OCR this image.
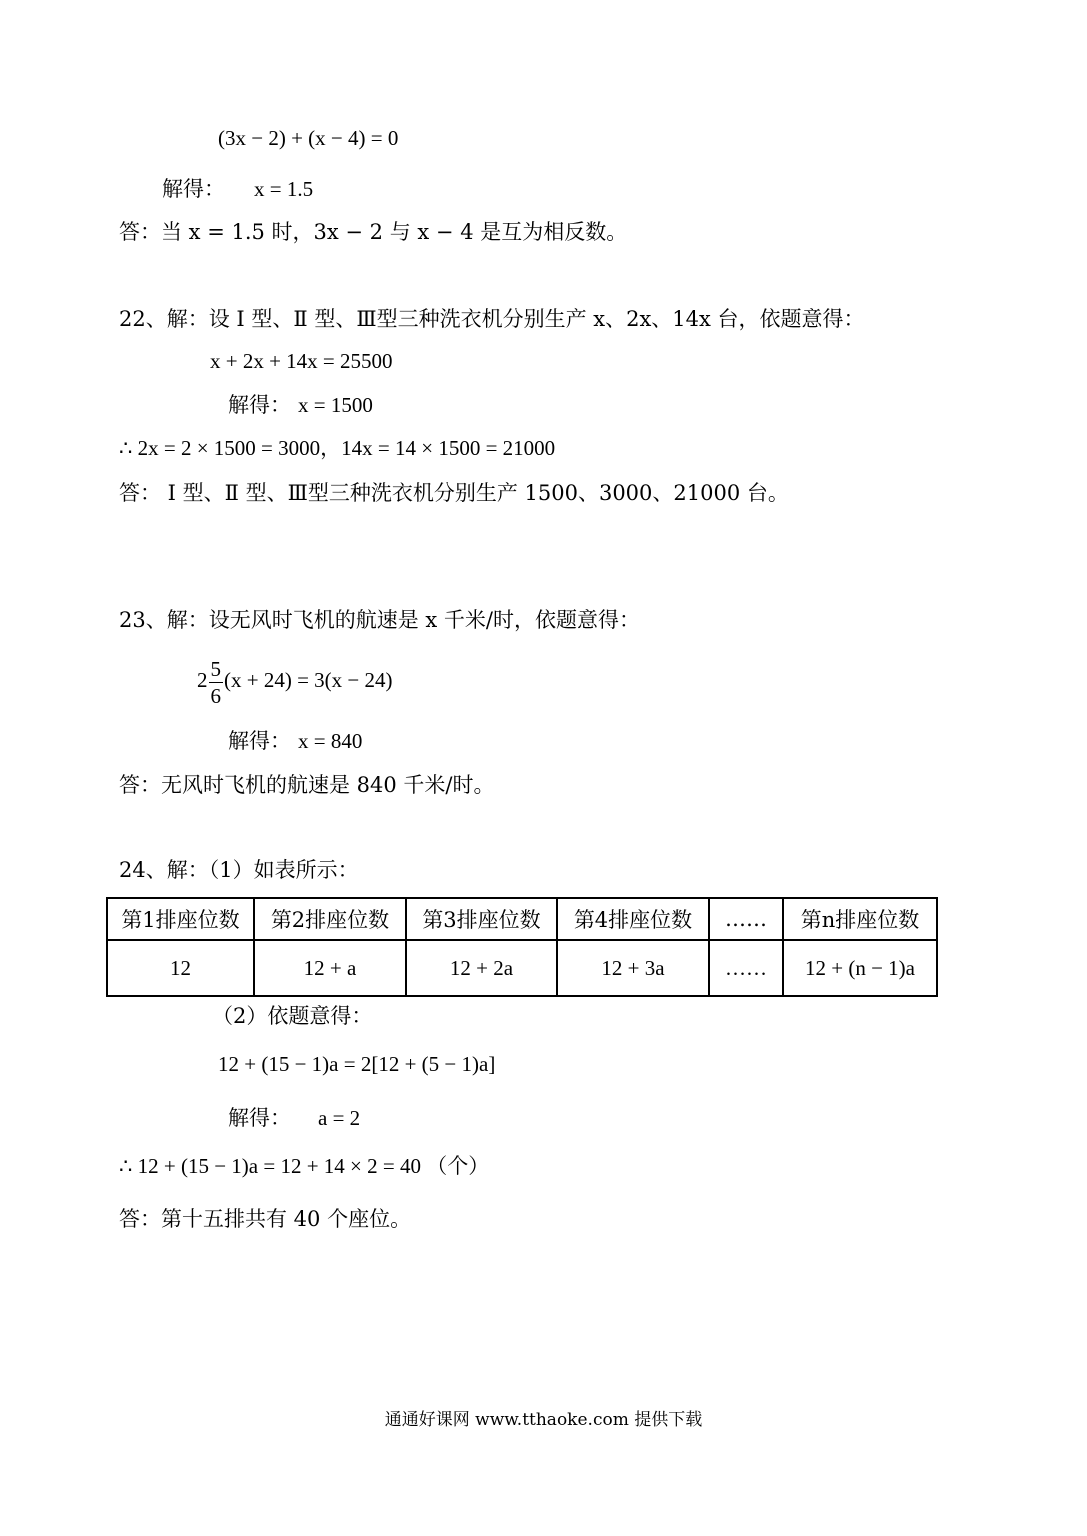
(3x − 2) + (x − 4) = 0
解得： x = 1.5
答：当 x = 1.5 时，3x − 2 与 x − 4 是互为相反数。
22、解：设 Ⅰ 型、Ⅱ 型、Ⅲ型三种洗衣机分别生产 x、2x、14x 台，依题意得：
x + 2x + 14x = 25500
解得： x = 1500
∴ 2x = 2 × 1500 = 3000，14x = 14 × 1500 = 21000
答： Ⅰ 型、Ⅱ 型、Ⅲ型三种洗衣机分别生产 1500、3000、21000 台。
23、解：设无风时飞机的航速是 x 千米/时，依题意得：
$2 \frac{5}{6} (x + 24) = 3(x - 24)$
解得： x = 840
答：无风时飞机的航速是 840 千米/时。
24、解：（1）如表所示：
第1排座位数	第2排座位数	第3排座位数	第4排座位数	……	第n排座位数
12	12 + a	12 + 2a	12 + 3a	……	12 + (n − 1)a
（2）依题意得：
12 + (15 − 1)a = 2[12 + (5 − 1)a]
解得： a = 2
∴ 12 + (15 − 1)a = 12 + 14 × 2 = 40 （个）
答：第十五排共有 40 个座位。
通通好课网 www.tthaoke.com 提供下载
